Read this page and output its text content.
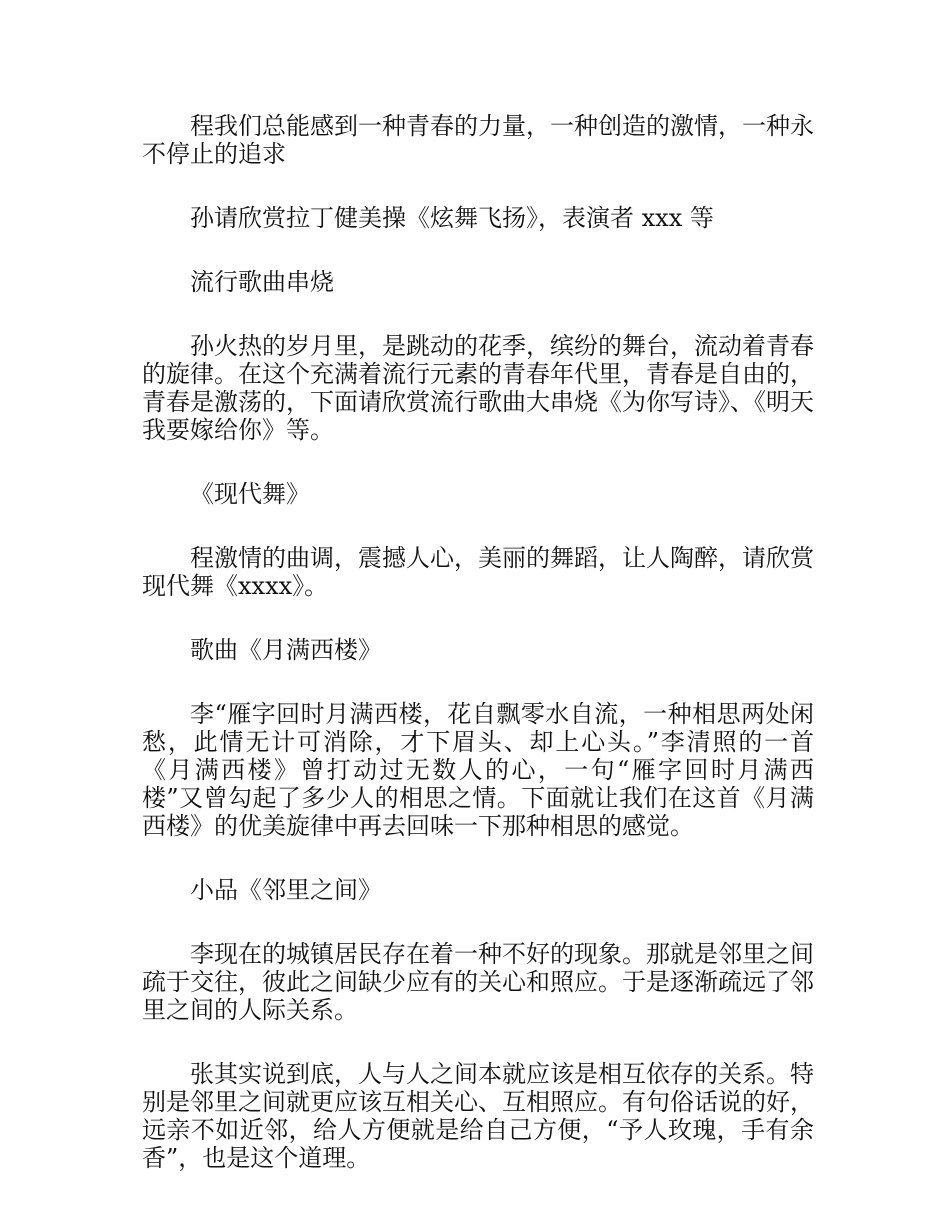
程我们总能感到一种青春的力量，一种创造的激情，一种永不停止的追求

孙请欣赏拉丁健美操《炫舞飞扬》，表演者 xxx 等

流行歌曲串烧

孙火热的岁月里，是跳动的花季，缤纷的舞台，流动着青春的旋律。在这个充满着流行元素的青春年代里，青春是自由的，青春是激荡的，下面请欣赏流行歌曲大串烧《为你写诗》、《明天我要嫁给你》等。

《现代舞》

程激情的曲调，震撼人心，美丽的舞蹈，让人陶醉，请欣赏现代舞《xxxx》。

歌曲《月满西楼》

李“雁字回时月满西楼，花自飘零水自流，一种相思两处闲愁，此情无计可消除，才下眉头、却上心头。”李清照的一首《月满西楼》曾打动过无数人的心，一句“雁字回时月满西楼”又曾勾起了多少人的相思之情。下面就让我们在这首《月满西楼》的优美旋律中再去回味一下那种相思的感觉。

小品《邻里之间》

李现在的城镇居民存在着一种不好的现象。那就是邻里之间疏于交往，彼此之间缺少应有的关心和照应。于是逐渐疏远了邻里之间的人际关系。

张其实说到底，人与人之间本就应该是相互依存的关系。特别是邻里之间就更应该互相关心、互相照应。有句俗话说的好，远亲不如近邻，给人方便就是给自己方便，“予人玫瑰，手有余香”，也是这个道理。
